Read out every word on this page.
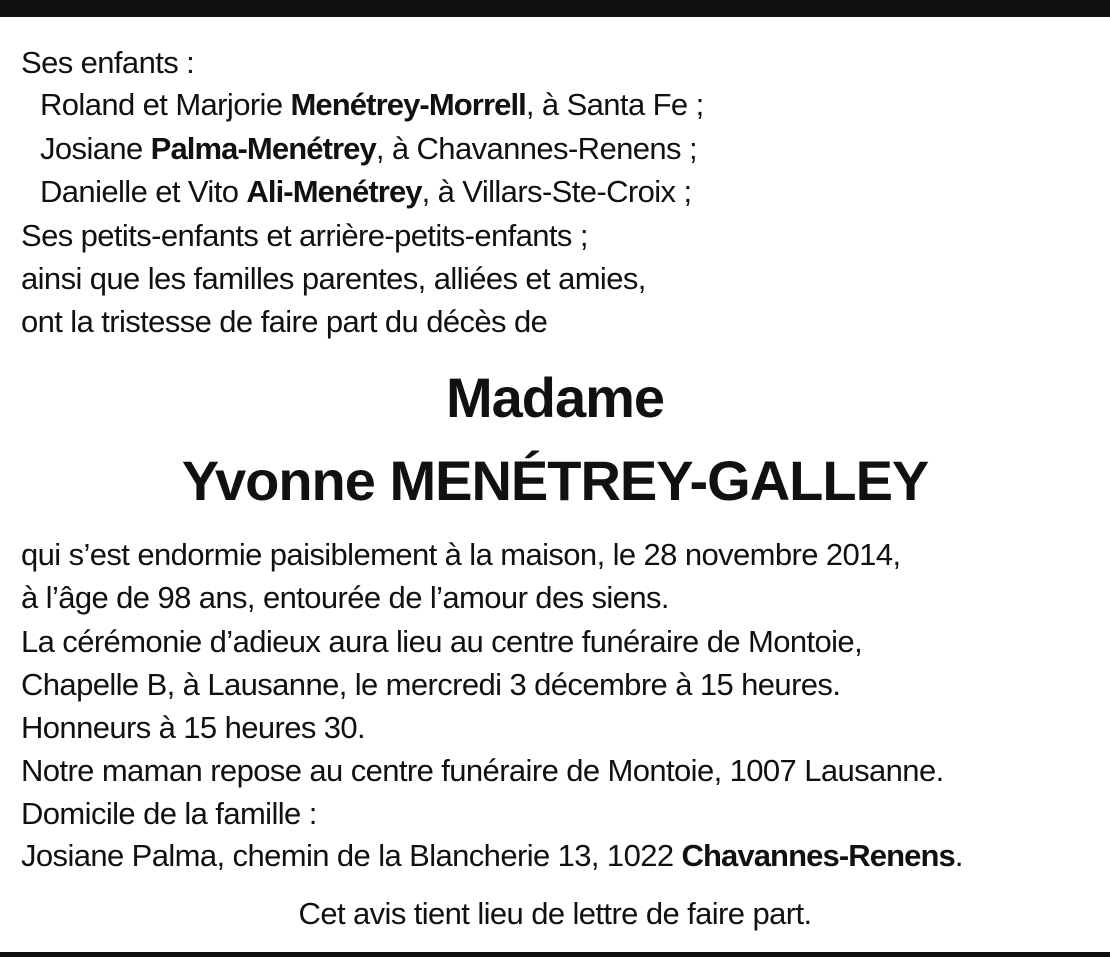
Ses enfants :
Roland et Marjorie Menétrey-Morrell, à Santa Fe ;
Josiane Palma-Menétrey, à Chavannes-Renens ;
Danielle et Vito Ali-Menétrey, à Villars-Ste-Croix ;
Ses petits-enfants et arrière-petits-enfants ;
ainsi que les familles parentes, alliées et amies,
ont la tristesse de faire part du décès de
Madame
Yvonne MENÉTREY-GALLEY
qui s’est endormie paisiblement à la maison, le 28 novembre 2014,
à l’âge de 98 ans, entourée de l’amour des siens.
La cérémonie d’adieux aura lieu au centre funéraire de Montoie,
Chapelle B, à Lausanne, le mercredi 3 décembre à 15 heures.
Honneurs à 15 heures 30.
Notre maman repose au centre funéraire de Montoie, 1007 Lausanne.
Domicile de la famille :
Josiane Palma, chemin de la Blancherie 13, 1022 Chavannes-Renens.
Cet avis tient lieu de lettre de faire part.
